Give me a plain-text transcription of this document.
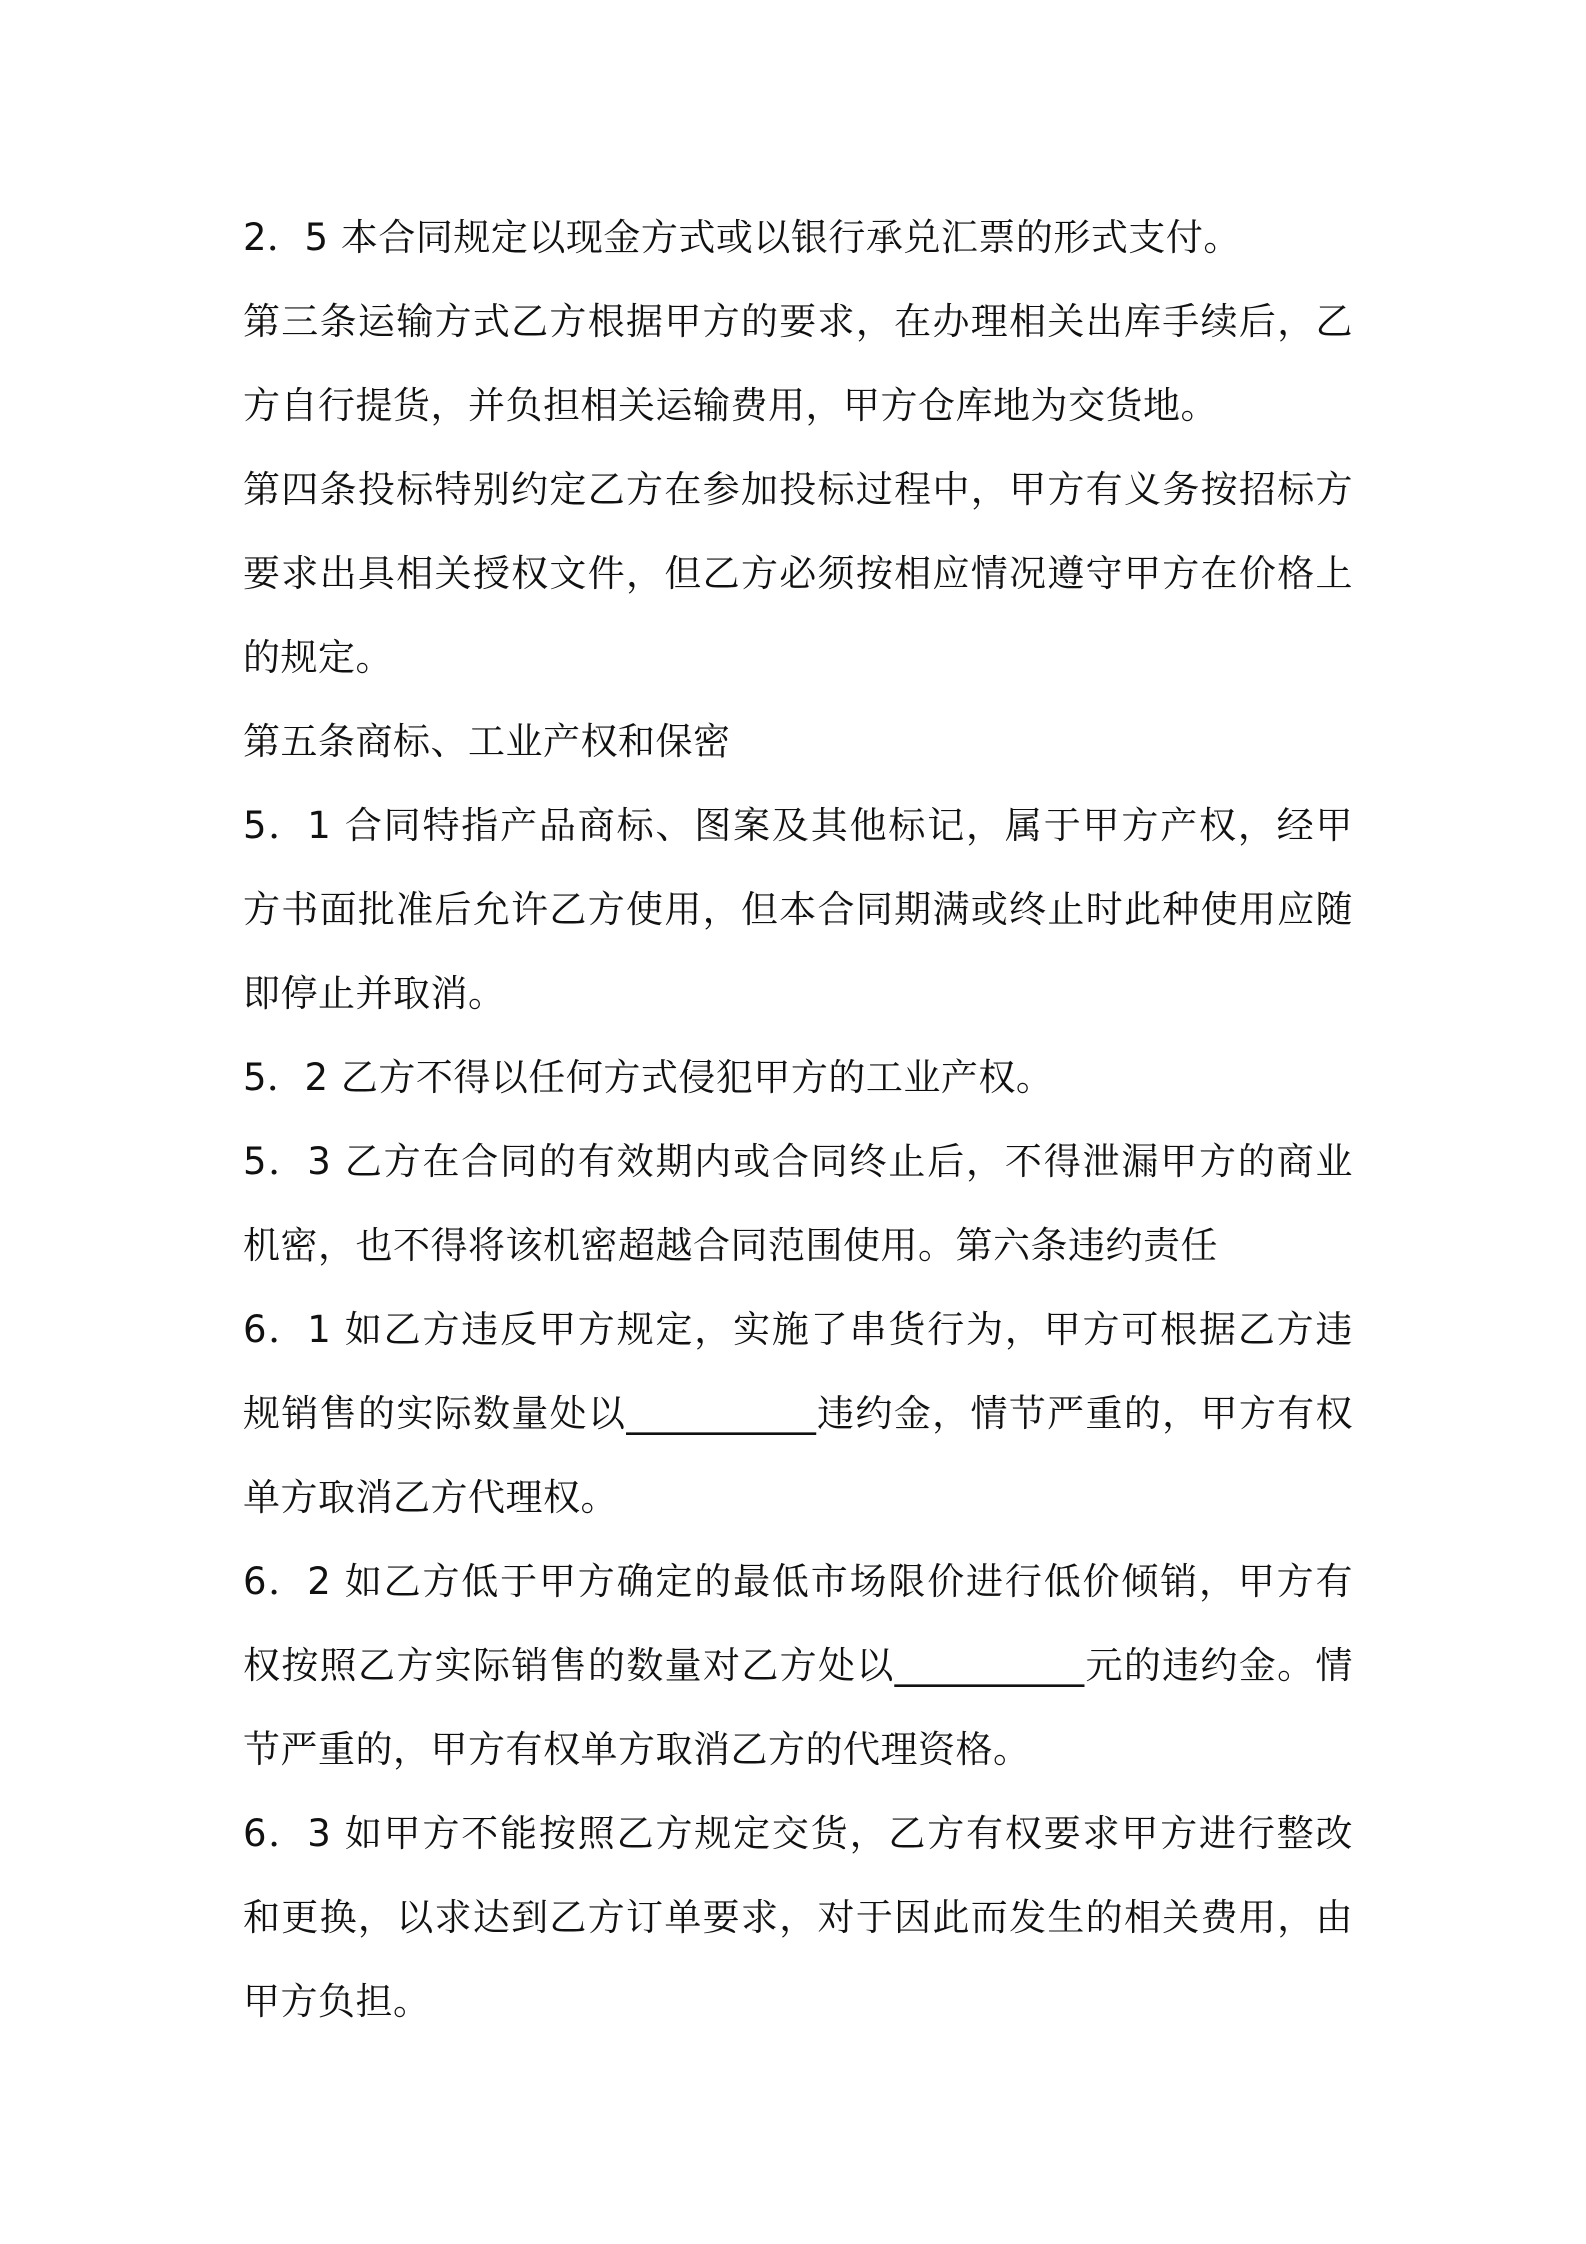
2．5 本合同规定以现金方式或以银行承兑汇票的形式支付。

第三条运输方式乙方根据甲方的要求，在办理相关出库手续后，乙方自行提货，并负担相关运输费用，甲方仓库地为交货地。

第四条投标特别约定乙方在参加投标过程中，甲方有义务按招标方要求出具相关授权文件，但乙方必须按相应情况遵守甲方在价格上的规定。

第五条商标、工业产权和保密

5．1 合同特指产品商标、图案及其他标记，属于甲方产权，经甲方书面批准后允许乙方使用，但本合同期满或终止时此种使用应随即停止并取消。

5．2 乙方不得以任何方式侵犯甲方的工业产权。

5．3 乙方在合同的有效期内或合同终止后，不得泄漏甲方的商业机密，也不得将该机密超越合同范围使用。第六条违约责任

6．1 如乙方违反甲方规定，实施了串货行为，甲方可根据乙方违规销售的实际数量处以__________违约金，情节严重的，甲方有权单方取消乙方代理权。

6．2 如乙方低于甲方确定的最低市场限价进行低价倾销，甲方有权按照乙方实际销售的数量对乙方处以__________元的违约金。情节严重的，甲方有权单方取消乙方的代理资格。

6．3 如甲方不能按照乙方规定交货，乙方有权要求甲方进行整改和更换，以求达到乙方订单要求，对于因此而发生的相关费用，由甲方负担。
